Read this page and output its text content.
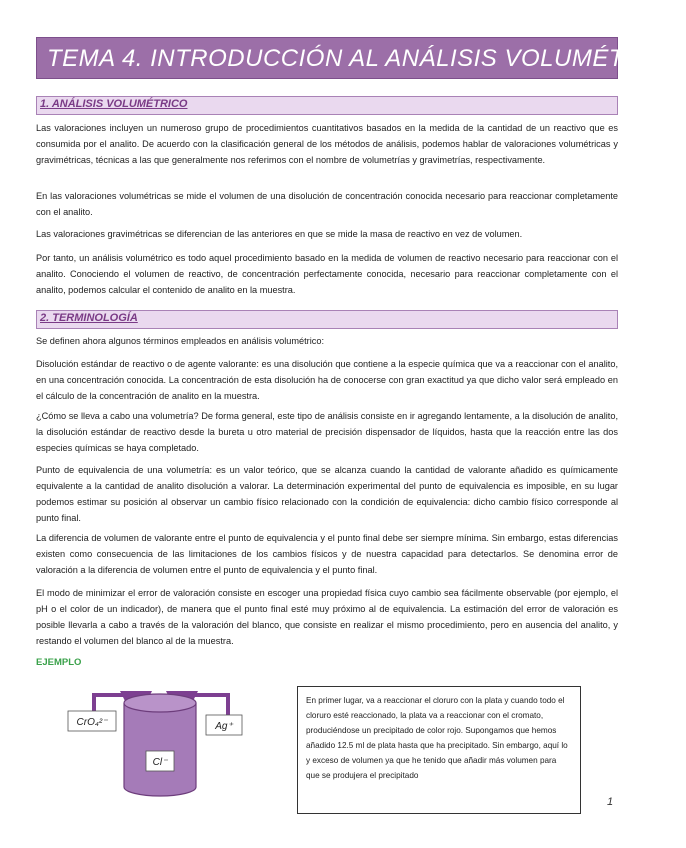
TEMA 4. INTRODUCCIÓN AL ANÁLISIS VOLUMÉTRICO
1. ANÁLISIS VOLUMÉTRICO

Las valoraciones incluyen un numeroso grupo de procedimientos cuantitativos basados en la medida de la cantidad de un reactivo que es consumida por el analito. De acuerdo con la clasificación general de los métodos de análisis, podemos hablar de valoraciones volumétricas y gravimétricas, técnicas a las que generalmente nos referimos con el nombre de volumetrías y gravimetrías, respectivamente.

En las valoraciones volumétricas se mide el volumen de una disolución de concentración conocida necesario para reaccionar completamente con el analito.

Las valoraciones gravimétricas se diferencian de las anteriores en que se mide la masa de reactivo en vez de volumen.

Por tanto, un análisis volumétrico es todo aquel procedimiento basado en la medida de volumen de reactivo necesario para reaccionar con el analito. Conociendo el volumen de reactivo, de concentración perfectamente conocida, necesario para reaccionar completamente con el analito, podemos calcular el contenido de analito en la muestra.

2. TERMINOLOGÍA

Se definen ahora algunos términos empleados en análisis volumétrico:

Disolución estándar de reactivo o de agente valorante: es una disolución que contiene a la especie química que va a reaccionar con el analito, en una concentración conocida. La concentración de esta disolución ha de conocerse con gran exactitud ya que dicho valor será empleado en el cálculo de la concentración de analito en la muestra.

¿Cómo se lleva a cabo una volumetría? De forma general, este tipo de análisis consiste en ir agregando lentamente, a la disolución de analito, la disolución estándar de reactivo desde la bureta u otro material de precisión dispensador de líquidos, hasta que la reacción entre las dos especies químicas se haya completado.

Punto de equivalencia de una volumetría: es un valor teórico, que se alcanza cuando la cantidad de valorante añadido es químicamente equivalente a la cantidad de analito disolución a valorar. La determinación experimental del punto de equivalencia es imposible, en su lugar podemos estimar su posición al observar un cambio físico relacionado con la condición de equivalencia: dicho cambio físico corresponde al punto final.

La diferencia de volumen de valorante entre el punto de equivalencia y el punto final debe ser siempre mínima. Sin embargo, estas diferencias existen como consecuencia de las limitaciones de los cambios físicos y de nuestra capacidad para detectarlos. Se denomina error de valoración a la diferencia de volumen entre el punto de equivalencia y el punto final.

El modo de minimizar el error de valoración consiste en escoger una propiedad física cuyo cambio sea fácilmente observable (por ejemplo, el pH o el color de un indicador), de manera que el punto final esté muy próximo al de equivalencia. La estimación del error de valoración es posible llevarla a cabo a través de la valoración del blanco, que consiste en realizar el mismo procedimiento, pero en ausencia del analito, y restando el volumen del blanco al de la muestra.

EJEMPLO
CrO₄²⁻	Ag⁺
Cl⁻

En primer lugar, va a reaccionar el cloruro con la plata y cuando todo el cloruro esté reaccionado, la plata va a reaccionar con el cromato, produciéndose un precipitado de color rojo. Supongamos que hemos añadido 12.5 ml de plata hasta que ha precipitado. Sin embargo, aquí lo y exceso de volumen ya que he tenido que añadir más volumen para que se produjera el precipitado

1
